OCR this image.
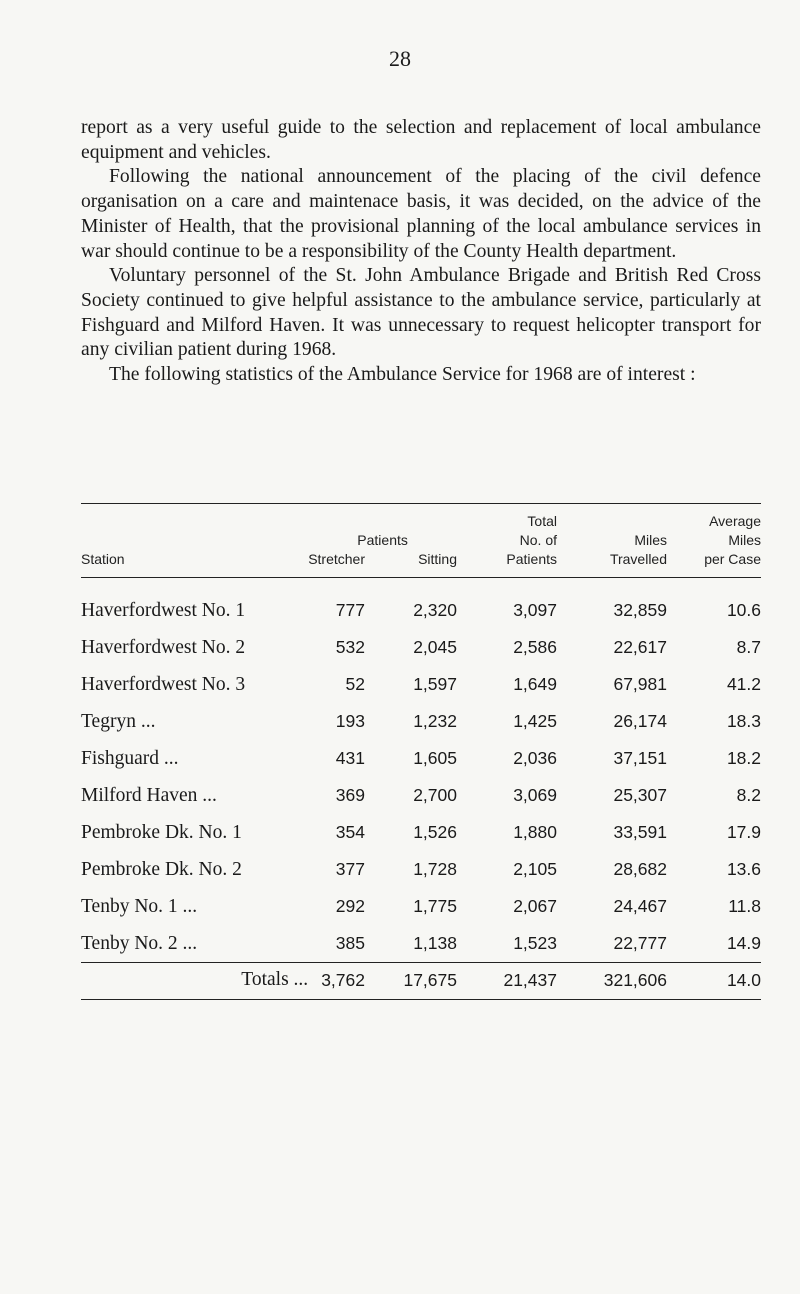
28

report as a very useful guide to the selection and replacement of local ambulance equipment and vehicles.

Following the national announcement of the placing of the civil defence organisation on a care and maintenace basis, it was decided, on the advice of the Minister of Health, that the provisional planning of the local ambulance services in war should continue to be a responsibility of the County Health department.

Voluntary personnel of the St. John Ambulance Brigade and British Red Cross Society continued to give helpful assistance to the ambulance service, particularly at Fishguard and Milford Haven. It was unnecessary to request helicopter transport for any civilian patient during 1968.

The following statistics of the Ambulance Service for 1968 are of interest :

			Total		Average
	Patients		No. of	Miles	Miles
Station	Stretcher	Sitting	Patients	Travelled	per Case
Haverfordwest No. 1	777	2,320	3,097	32,859	10.6
Haverfordwest No. 2	532	2,045	2,586	22,617	8.7
Haverfordwest No. 3	52	1,597	1,649	67,981	41.2
Tegryn ...	193	1,232	1,425	26,174	18.3
Fishguard ...	431	1,605	2,036	37,151	18.2
Milford Haven ...	369	2,700	3,069	25,307	8.2
Pembroke Dk. No. 1	354	1,526	1,880	33,591	17.9
Pembroke Dk. No. 2	377	1,728	2,105	28,682	13.6
Tenby No. 1 ...	292	1,775	2,067	24,467	11.8
Tenby No. 2 ...	385	1,138	1,523	22,777	14.9
Totals ...	3,762	17,675	21,437	321,606	14.0
